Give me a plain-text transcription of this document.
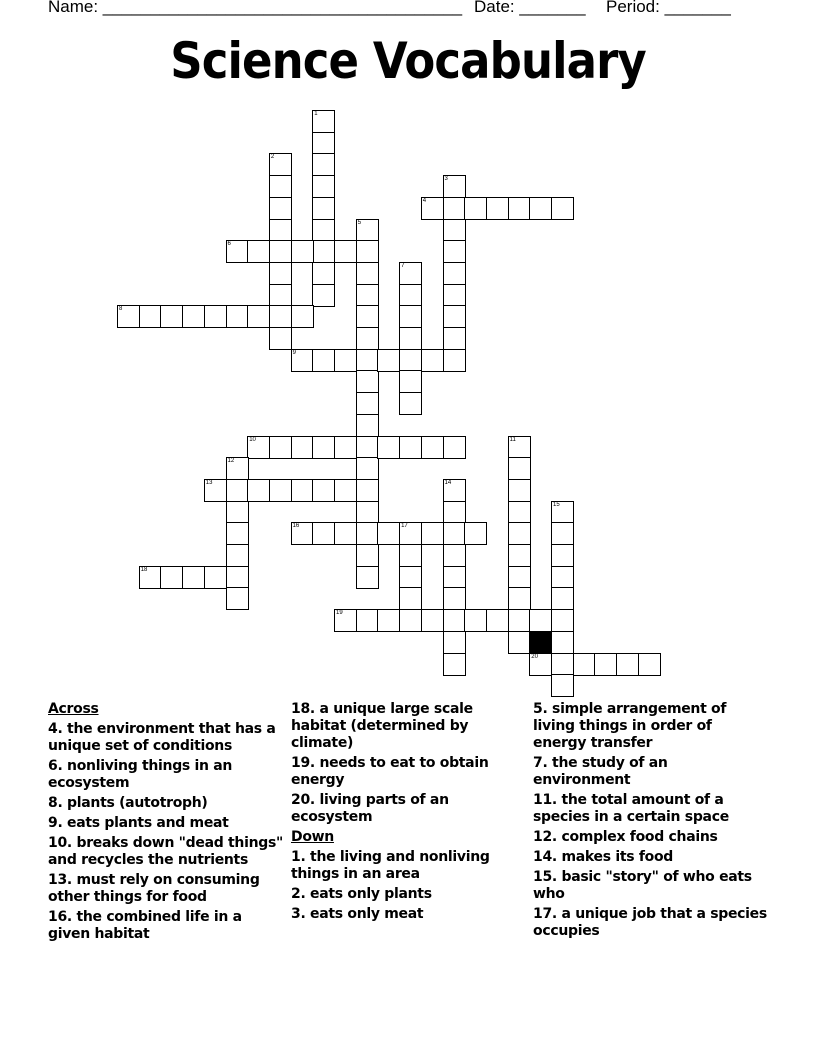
Name: ______________________________________ Date: _______ Period: _______
Science Vocabulary
1
2
3
4
5
6
7
8
9
10	11
12
13	14
15
16	17
18
19
20
Across
4. the environment that has a unique set of conditions
6. nonliving things in an ecosystem
8. plants (autotroph)
9. eats plants and meat
10. breaks down "dead things" and recycles the nutrients
13. must rely on consuming other things for food
16. the combined life in a given habitat
18. a unique large scale habitat (determined by climate)
19. needs to eat to obtain energy
20. living parts of an ecosystem
Down
1. the living and nonliving things in an area
2. eats only plants
3. eats only meat
5. simple arrangement of living things in order of energy transfer
7. the study of an environment
11. the total amount of a species in a certain space
12. complex food chains
14. makes its food
15. basic "story" of who eats who
17. a unique job that a species occupies
